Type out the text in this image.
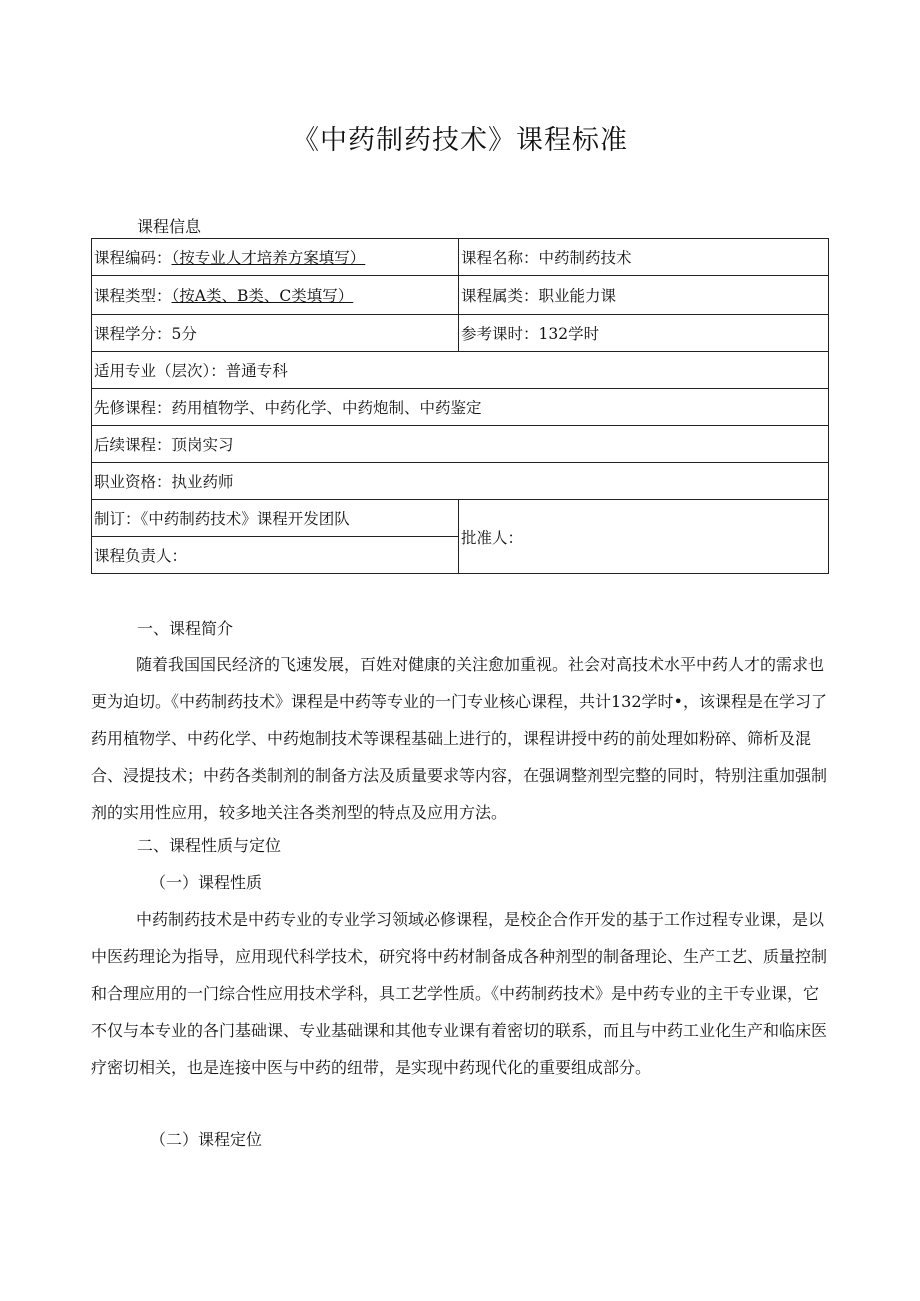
《中药制药技术》课程标准
课程信息
课程编码：（按专业人才培养方案填写）	课程名称：中药制药技术
课程类型：（按A类、B类、C类填写）	课程属类：职业能力课
课程学分：5分	参考课时：132学时
适用专业（层次）：普通专科	
先修课程：药用植物学、中药化学、中药炮制、中药鉴定	
后续课程：顶岗实习	
职业资格：执业药师	
制订：《中药制药技术》课程开发团队	批准人：
课程负责人：	

一、课程简介

随着我国国民经济的飞速发展，百姓对健康的关注愈加重视。社会对高技术水平中药人才的需求也更为迫切。《中药制药技术》课程是中药等专业的一门专业核心课程，共计132学时•，该课程是在学习了药用植物学、中药化学、中药炮制技术等课程基础上进行的，课程讲授中药的前处理如粉碎、筛析及混合、浸提技术；中药各类制剂的制备方法及质量要求等内容，在强调整剂型完整的同时，特别注重加强制剂的实用性应用，较多地关注各类剂型的特点及应用方法。

二、课程性质与定位

（一）课程性质

中药制药技术是中药专业的专业学习领域必修课程，是校企合作开发的基于工作过程专业课，是以中医药理论为指导，应用现代科学技术，研究将中药材制备成各种剂型的制备理论、生产工艺、质量控制和合理应用的一门综合性应用技术学科，具工艺学性质。《中药制药技术》是中药专业的主干专业课，它不仅与本专业的各门基础课、专业基础课和其他专业课有着密切的联系，而且与中药工业化生产和临床医疗密切相关，也是连接中医与中药的纽带，是实现中药现代化的重要组成部分。

（二）课程定位
